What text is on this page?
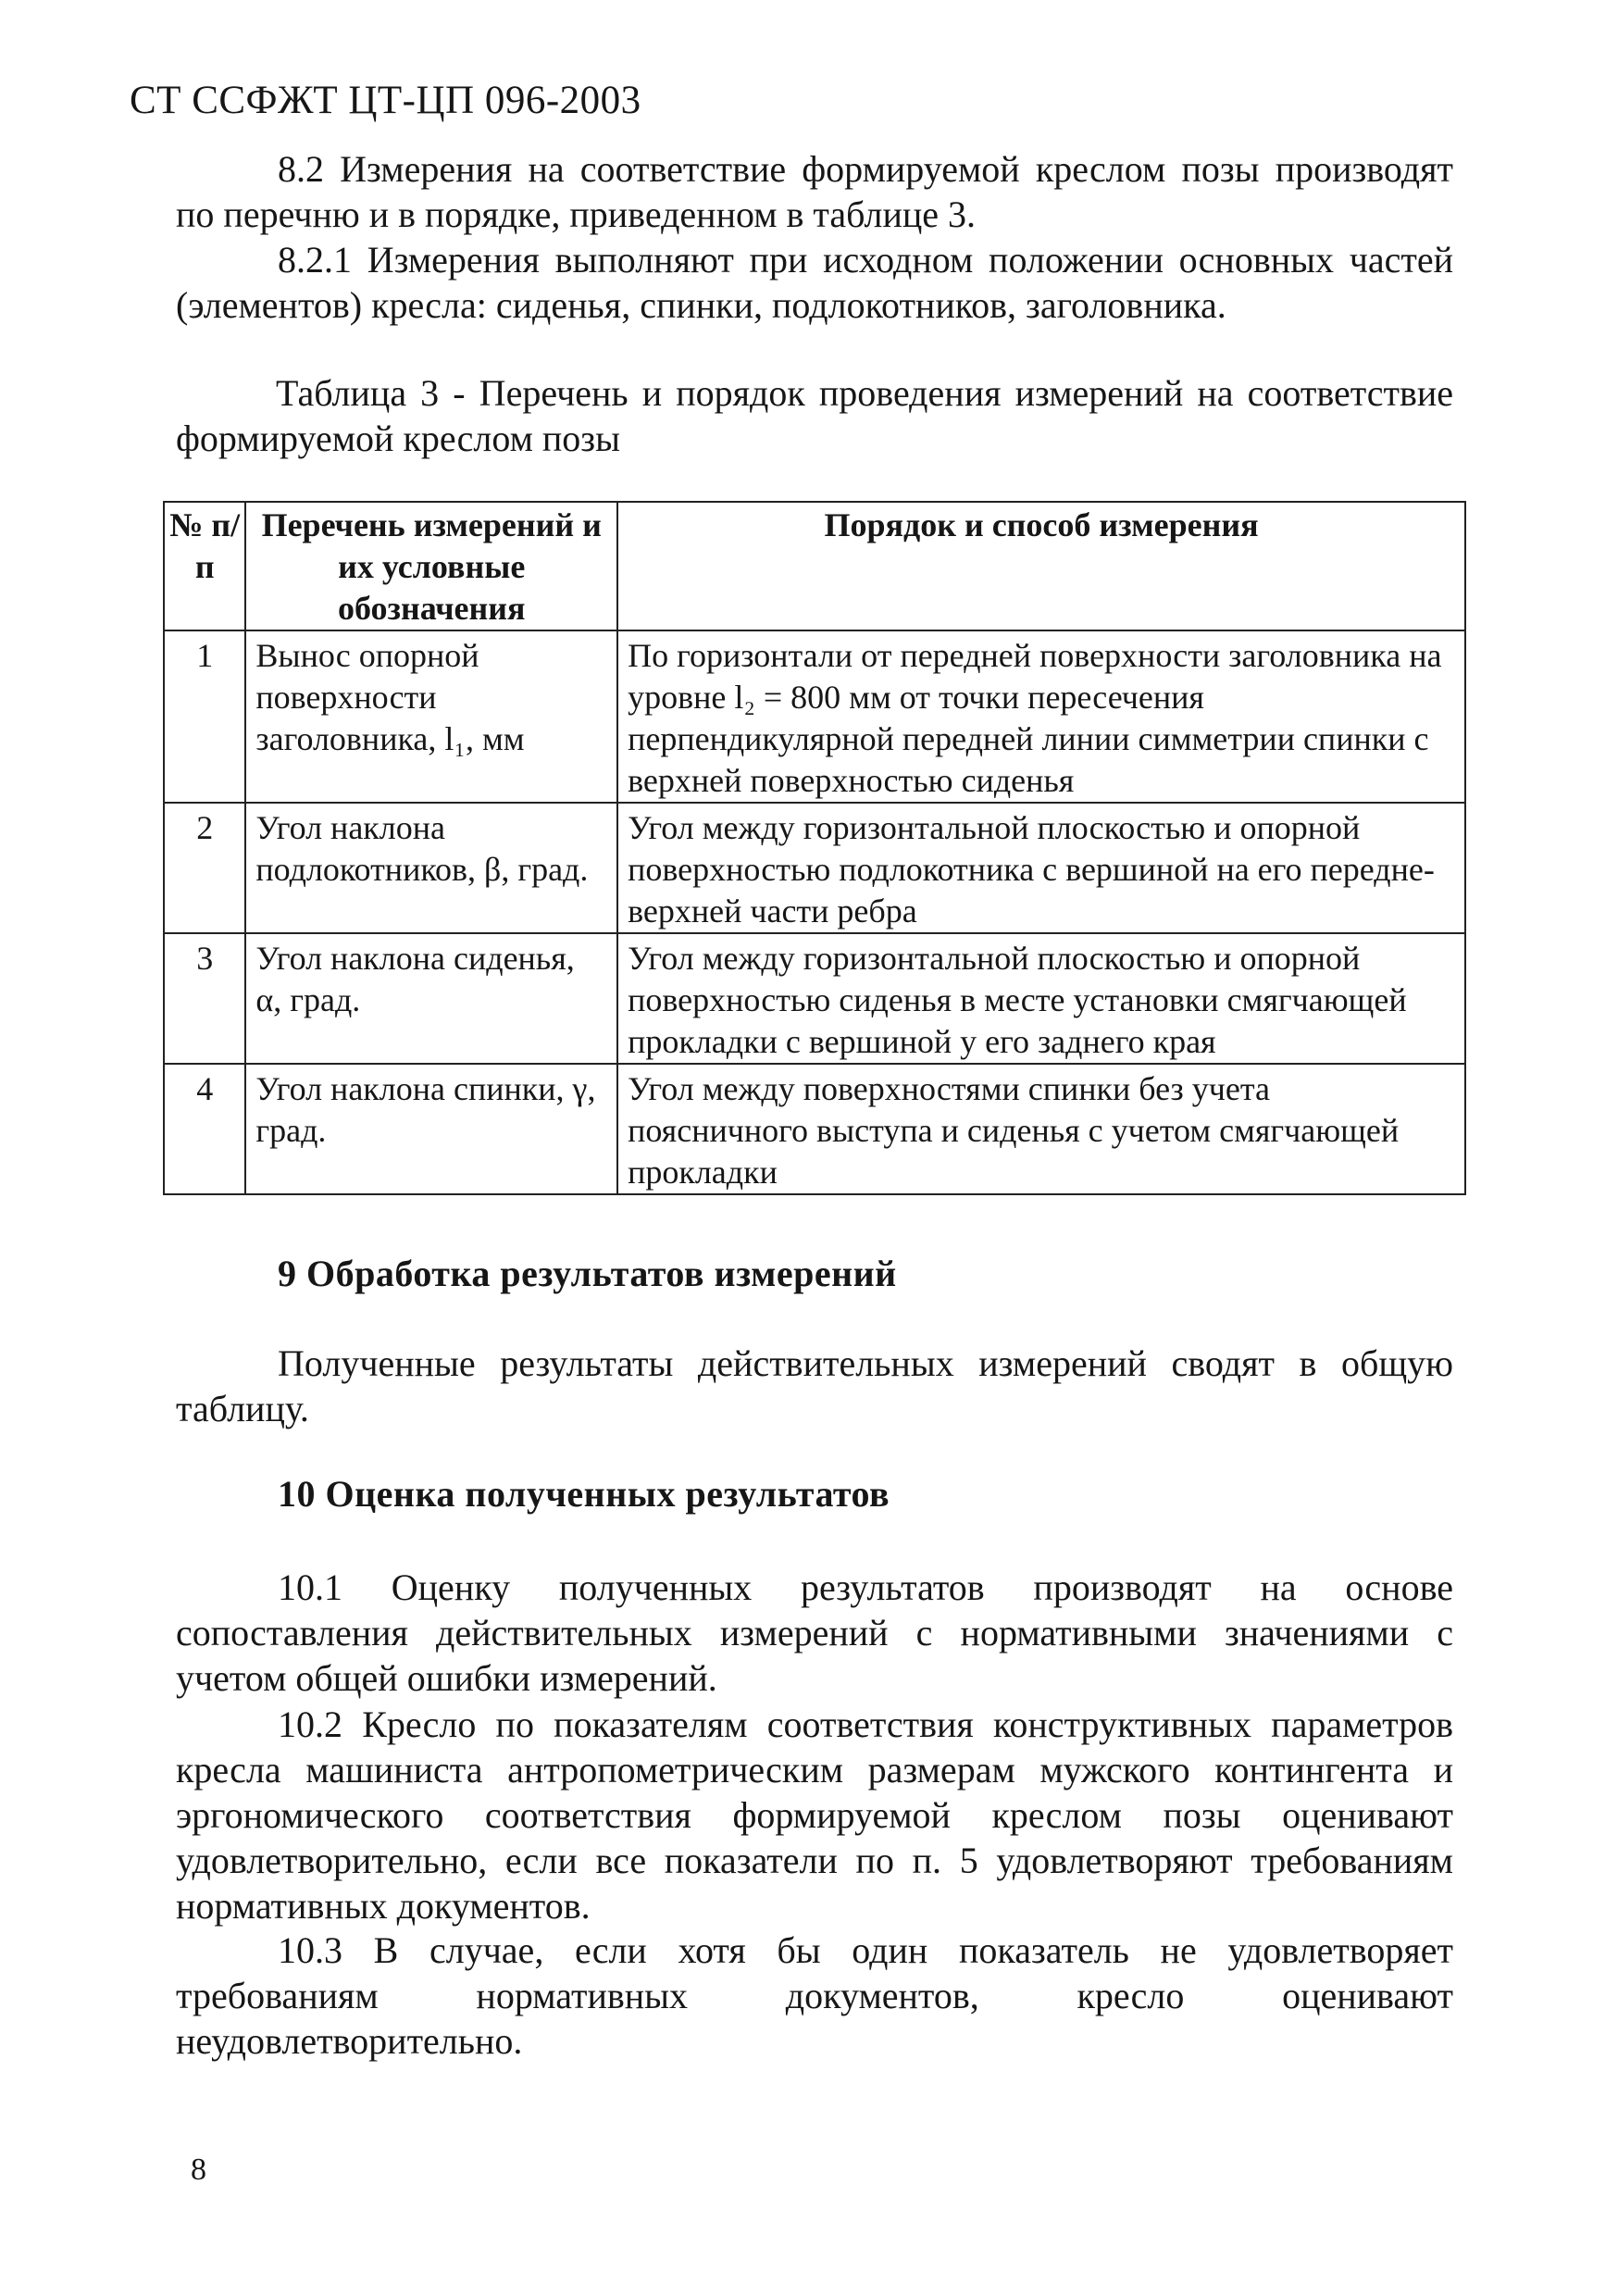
СТ ССФЖТ ЦТ-ЦП 096-2003
8.2 Измерения на соответствие формируемой креслом позы производят по перечню и в порядке, приведенном в таблице 3.
8.2.1 Измерения выполняют при исходном положении основных частей (элементов) кресла: сиденья, спинки, подлокотников, заголовника.
Таблица 3 - Перечень и порядок проведения измерений на соответствие формируемой креслом позы
№ п/п	Перечень измерений и их условные обозначения	Порядок и способ измерения
1	Вынос опорной поверхности заголовника, l₁, мм	По горизонтали от передней поверхности заголовника на уровне l₂ = 800 мм от точки пересечения перпендикулярной передней линии симметрии спинки с верхней поверхностью сиденья
2	Угол наклона подлокотников, β, град.	Угол между горизонтальной плоскостью и опорной поверхностью подлокотника с вершиной на его передне-верхней части ребра
3	Угол наклона сиденья, α, град.	Угол между горизонтальной плоскостью и опорной поверхностью сиденья в месте установки смягчающей прокладки с вершиной у его заднего края
4	Угол наклона спинки, γ, град.	Угол между поверхностями спинки без учета поясничного выступа и сиденья с учетом смягчающей прокладки
9 Обработка результатов измерений
Полученные результаты действительных измерений сводят в общую таблицу.
10 Оценка полученных результатов
10.1 Оценку полученных результатов производят на основе сопоставления действительных измерений с нормативными значениями с учетом общей ошибки измерений.
10.2 Кресло по показателям соответствия конструктивных параметров кресла машиниста антропометрическим размерам мужского контингента и эргономического соответствия формируемой креслом позы оценивают удовлетворительно, если все показатели по п. 5 удовлетворяют требованиям нормативных документов.
10.3 В случае, если хотя бы один показатель не удовлетворяет требованиям нормативных документов, кресло оценивают неудовлетворительно.
8
